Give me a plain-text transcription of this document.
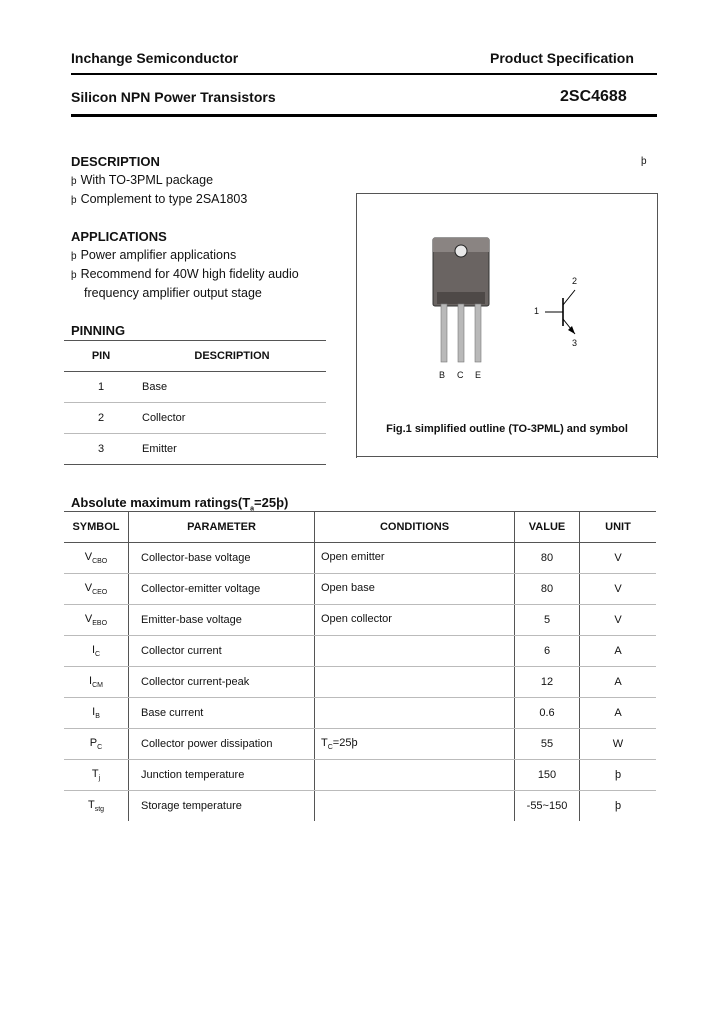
Inchange Semiconductor	Product Specification
Silicon NPN Power Transistors	2SC4688
DESCRIPTION	þ
þ With TO-3PML package
þ Complement to type 2SA1803
APPLICATIONS
þ Power amplifier applications
þ Recommend for 40W high fidelity audio
frequency amplifier output stage
PINNING
PIN	DESCRIPTION
1	Base
2	Collector
3	Emitter
B C E
1
2
3
Fig.1 simplified outline (TO-3PML) and symbol
Absolute maximum $ratings(T_a=25þ)$
SYMBOL	PARAMETER	CONDITIONS	VALUE	UNIT
$V_{CBO}$	Collector-base voltage	Open emitter	80	V
$V_{CEO}$	Collector-emitter voltage	Open base	80	V
$V_{EBO}$	Emitter-base voltage	Open collector	5	V
$I_C$	Collector current		6	A
$I_{CM}$	Collector current-peak		12	A
$I_B$	Base current		0.6	A
$P_C$	Collector power dissipation	$T_C=25þ$	55	W
$T_j$	Junction temperature		150	þ
$T_{stg}$	Storage temperature		-55~150	þ
